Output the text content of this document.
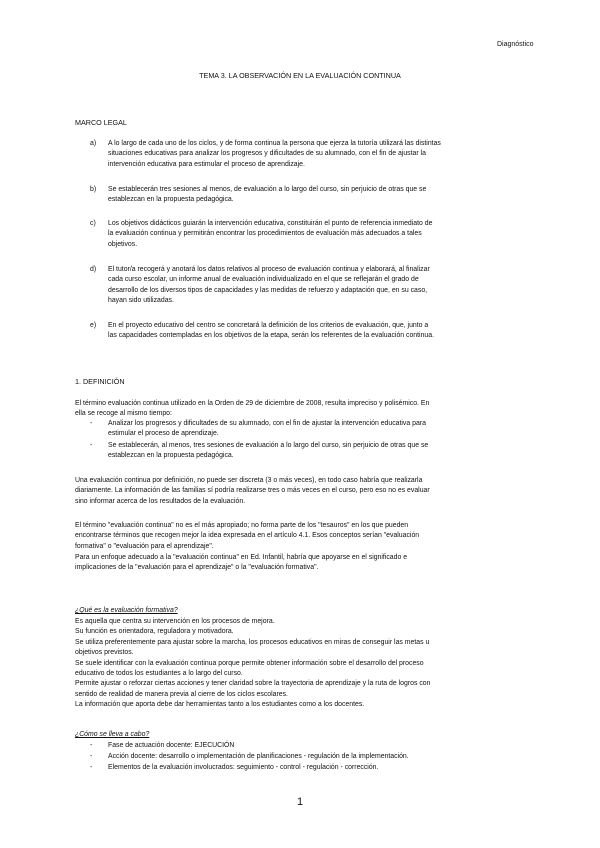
Diagnóstico
TEMA 3. LA OBSERVACIÓN EN LA EVALUACIÓN CONTINUA
MARCO LEGAL
a) A lo largo de cada uno de los ciclos, y de forma continua la persona que ejerza la tutoría utilizará las distintas
situaciones educativas para analizar los progresos y dificultades de su alumnado, con el fin de ajustar la
intervención educativa para estimular el proceso de aprendizaje.
b) Se establecerán tres sesiones al menos, de evaluación a lo largo del curso, sin perjuicio de otras que se
establezcan en la propuesta pedagógica.
c) Los objetivos didácticos guiarán la intervención educativa, constituirán el punto de referencia inmediato de
la evaluación continua y permitirán encontrar los procedimientos de evaluación más adecuados a tales
objetivos.
d) El tutor/a recogerá y anotará los datos relativos al proceso de evaluación continua y elaborará, al finalizar
cada curso escolar, un informe anual de evaluación individualizado en el que se reflejarán el grado de
desarrollo de los diversos tipos de capacidades y las medidas de refuerzo y adaptación que, en su caso,
hayan sido utilizadas.
e) En el proyecto educativo del centro se concretará la definición de los criterios de evaluación, que, junto a
las capacidades contempladas en los objetivos de la etapa, serán los referentes de la evaluación continua.
1. DEFINICIÓN
El término evaluación continua utilizado en la Orden de 29 de diciembre de 2008, resulta impreciso y polisémico. En
ella se recoge al mismo tiempo:
- Analizar los progresos y dificultades de su alumnado, con el fin de ajustar la intervención educativa para
estimular el proceso de aprendizaje.
- Se establecerán, al menos, tres sesiones de evaluación a lo largo del curso, sin perjuicio de otras que se
establezcan en la propuesta pedagógica.
Una evaluación continua por definición, no puede ser discreta (3 o más veces), en todo caso habría que realizarla
diariamente. La información de las familias sí podría realizarse tres o más veces en el curso, pero eso no es evaluar
sino informar acerca de los resultados de la evaluación.
El término "evaluación continua" no es el más apropiado; no forma parte de los "tesauros" en los que pueden
encontrarse términos que recogen mejor la idea expresada en el artículo 4.1. Esos conceptos serían "evaluación
formativa" o "evaluación para el aprendizaje".
Para un enfoque adecuado a la "evaluación continua" en Ed. Infantil, habría que apoyarse en el significado e
implicaciones de la "evaluación para el aprendizaje" o la "evaluación formativa".
¿Qué es la evaluación formativa?
Es aquella que centra su intervención en los procesos de mejora.
Su función es orientadora, reguladora y motivadora.
Se utiliza preferentemente para ajustar sobre la marcha, los procesos educativos en miras de conseguir las metas u
objetivos previstos.
Se suele identificar con la evaluación continua porque permite obtener información sobre el desarrollo del proceso
educativo de todos los estudiantes a lo largo del curso.
Permite ajustar o reforzar ciertas acciones y tener claridad sobre la trayectoria de aprendizaje y la ruta de logros con
sentido de realidad de manera previa al cierre de los ciclos escolares.
La información que aporta debe dar herramientas tanto a los estudiantes como a los docentes.
¿Cómo se lleva a cabo?
- Fase de actuación docente: EJECUCIÓN
- Acción docente: desarrollo o implementación de planificaciones - regulación de la implementación.
- Elementos de la evaluación involucrados: seguimiento - control - regulación - corrección.
1
